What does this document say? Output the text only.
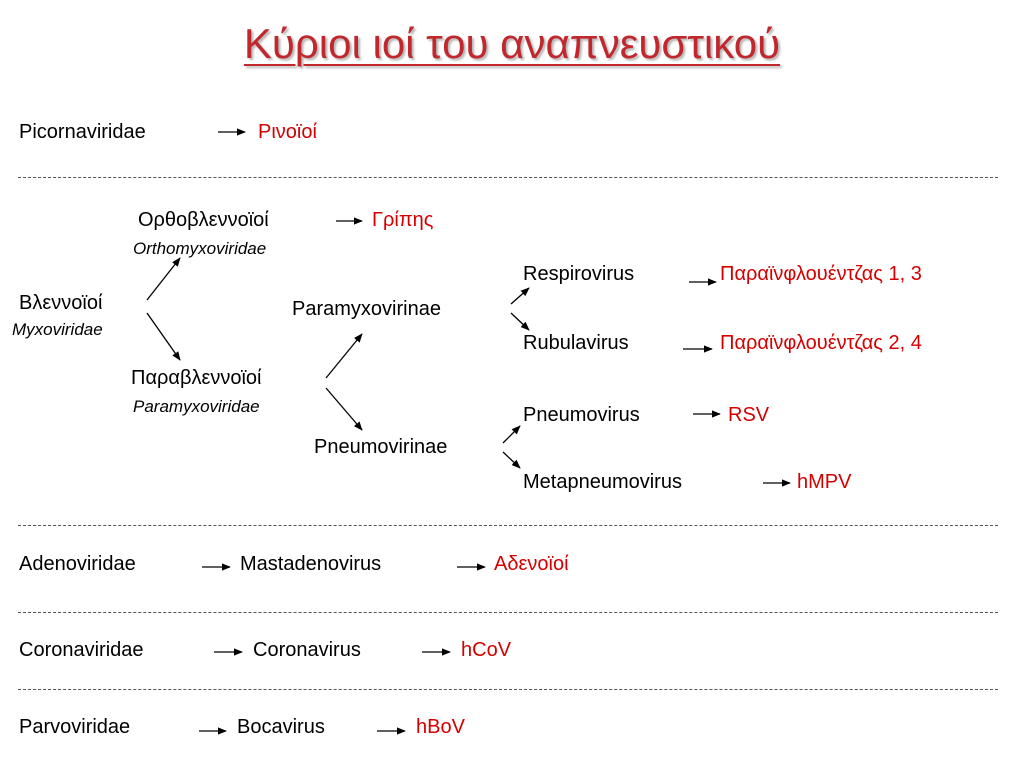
Κύριοι ιοί του αναπνευστικού
Picornaviridae	Ρινοϊοί
Ορθοβλεννοϊοί
Orthomyxoviridae
Γρίπης
Βλεννοϊοί
Myxoviridae
Παραβλεννοϊοί
Paramyxoviridae
Paramyxovirinae
Pneumovirinae
Respirovirus	Παραϊνφλουέντζας 1, 3
Rubulavirus	Παραϊνφλουέντζας 2, 4
Pneumovirus	RSV
Metapneumovirus	hMPV
Adenoviridae	Mastadenovirus	Αδενοϊοί
Coronaviridae	Coronavirus	hCoV
Parvoviridae	Bocavirus	hBoV
